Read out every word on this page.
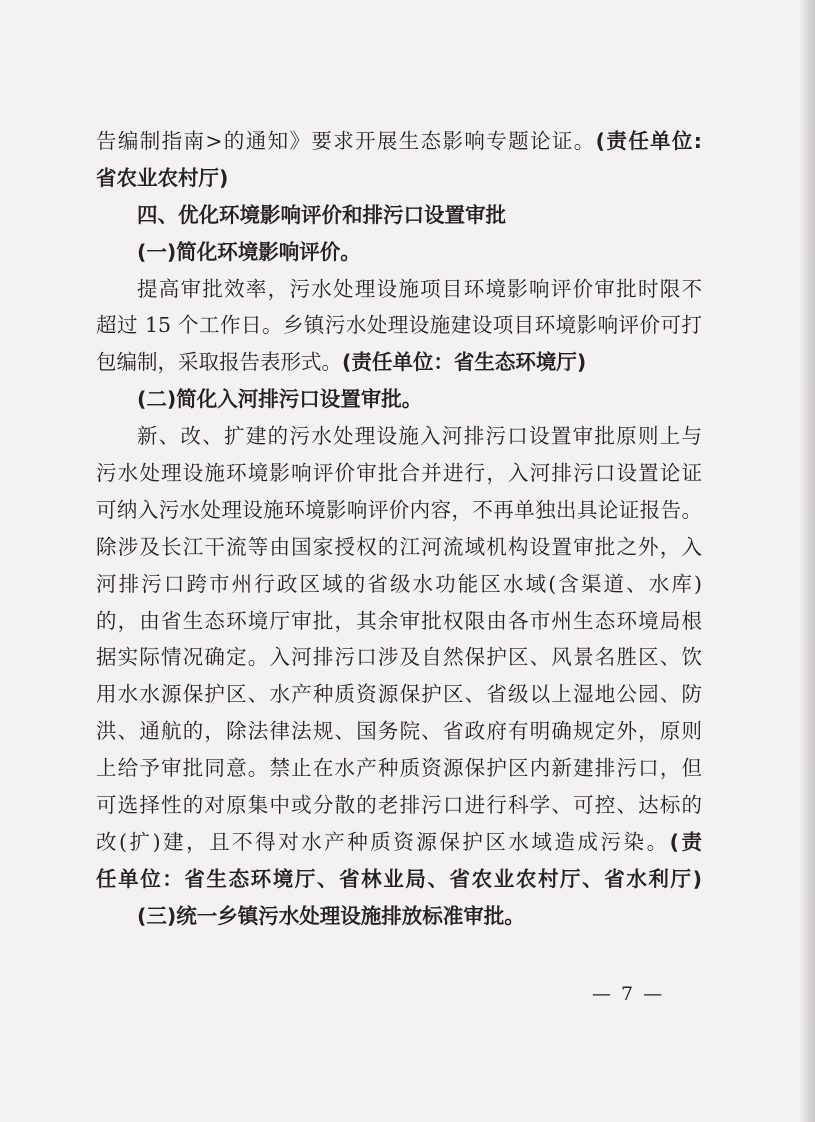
告编制指南>的通知》要求开展生态影响专题论证。(责任单位:
省农业农村厅)
四、优化环境影响评价和排污口设置审批
(一)简化环境影响评价。
提高审批效率，污水处理设施项目环境影响评价审批时限不
超过 15 个工作日。乡镇污水处理设施建设项目环境影响评价可打
包编制，采取报告表形式。(责任单位：省生态环境厅)
(二)简化入河排污口设置审批。
新、改、扩建的污水处理设施入河排污口设置审批原则上与
污水处理设施环境影响评价审批合并进行，入河排污口设置论证
可纳入污水处理设施环境影响评价内容，不再单独出具论证报告。
除涉及长江干流等由国家授权的江河流域机构设置审批之外，入
河排污口跨市州行政区域的省级水功能区水域(含渠道、水库)
的，由省生态环境厅审批，其余审批权限由各市州生态环境局根
据实际情况确定。入河排污口涉及自然保护区、风景名胜区、饮
用水水源保护区、水产种质资源保护区、省级以上湿地公园、防
洪、通航的，除法律法规、国务院、省政府有明确规定外，原则
上给予审批同意。禁止在水产种质资源保护区内新建排污口，但
可选择性的对原集中或分散的老排污口进行科学、可控、达标的
改(扩)建，且不得对水产种质资源保护区水域造成污染。(责
任单位：省生态环境厅、省林业局、省农业农村厅、省水利厅)
(三)统一乡镇污水处理设施排放标准审批。
— 7 —
